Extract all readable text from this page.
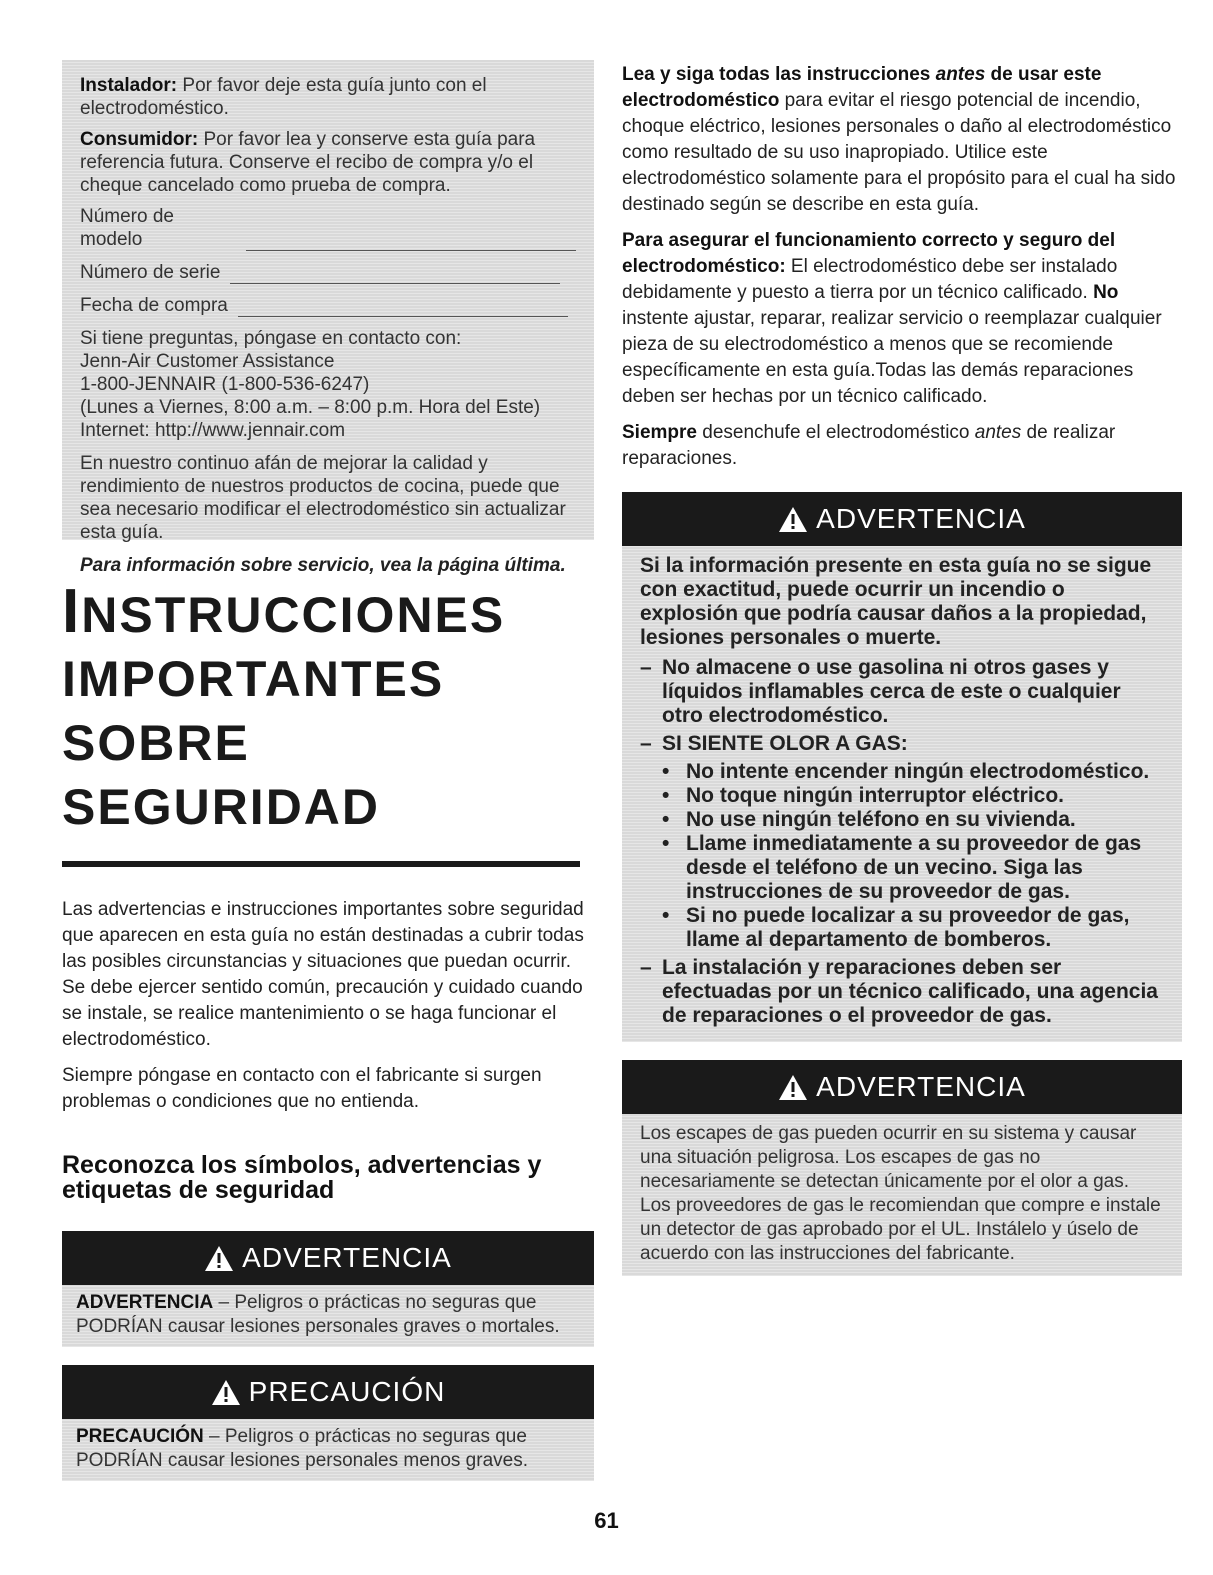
Instalador: Por favor deje esta guía junto con el electrodoméstico.

Consumidor: Por favor lea y conserve esta guía para referencia futura. Conserve el recibo de compra y/o el cheque cancelado como prueba de compra.

Número de modelo
Número de serie
Fecha de compra

Si tiene preguntas, póngase en contacto con:

Jenn-Air Customer Assistance

1-800-JENNAIR (1-800-536-6247)

(Lunes a Viernes, 8:00 a.m. – 8:00 p.m. Hora del Este)

Internet: http://www.jennair.com

En nuestro continuo afán de mejorar la calidad y rendimiento de nuestros productos de cocina, puede que sea necesario modificar el electrodoméstico sin actualizar esta guía.

Para información sobre servicio, vea la página última.

INSTRUCCIONES
IMPORTANTES SOBRE
SEGURIDAD

Las advertencias e instrucciones importantes sobre seguridad que aparecen en esta guía no están destinadas a cubrir todas las posibles circunstancias y situaciones que puedan ocurrir. Se debe ejercer sentido común, precaución y cuidado cuando se instale, se realice mantenimiento o se haga funcionar el electrodoméstico.

Siempre póngase en contacto con el fabricante si surgen problemas o condiciones que no entienda.

Reconozca los símbolos, advertencias y etiquetas de seguridad
ADVERTENCIA
ADVERTENCIA – Peligros o prácticas no seguras que PODRÍAN causar lesiones personales graves o mortales.
PRECAUCIÓN
PRECAUCIÓN – Peligros o prácticas no seguras que PODRÍAN causar lesiones personales menos graves.

Lea y siga todas las instrucciones antes de usar este electrodoméstico para evitar el riesgo potencial de incendio, choque eléctrico, lesiones personales o daño al electrodoméstico como resultado de su uso inapropiado. Utilice este electrodoméstico solamente para el propósito para el cual ha sido destinado según se describe en esta guía.

Para asegurar el funcionamiento correcto y seguro del electrodoméstico: El electrodoméstico debe ser instalado debidamente y puesto a tierra por un técnico calificado. No instente ajustar, reparar, realizar servicio o reemplazar cualquier pieza de su electrodoméstico a menos que se recomiende específicamente en esta guía.Todas las demás reparaciones deben ser hechas por un técnico calificado.

Siempre desenchufe el electrodoméstico antes de realizar reparaciones.

ADVERTENCIA

Si la información presente en esta guía no se sigue con exactitud, puede ocurrir un incendio o explosión que podría causar daños a la propiedad, lesiones personales o muerte.

– No almacene o use gasolina ni otros gases y líquidos inflamables cerca de este o cualquier otro electrodoméstico.
– SI SIENTE OLOR A GAS:
• No intente encender ningún electrodoméstico.
• No toque ningún interruptor eléctrico.
• No use ningún teléfono en su vivienda.
• Llame inmediatamente a su proveedor de gas desde el teléfono de un vecino. Siga las instrucciones de su proveedor de gas.
• Si no puede localizar a su proveedor de gas, llame al departamento de bomberos.
– La instalación y reparaciones deben ser efectuadas por un técnico calificado, una agencia de reparaciones o el proveedor de gas.
ADVERTENCIA
Los escapes de gas pueden ocurrir en su sistema y causar una situación peligrosa. Los escapes de gas no necesariamente se detectan únicamente por el olor a gas. Los proveedores de gas le recomiendan que compre e instale un detector de gas aprobado por el UL. Instálelo y úselo de acuerdo con las instrucciones del fabricante.
61
